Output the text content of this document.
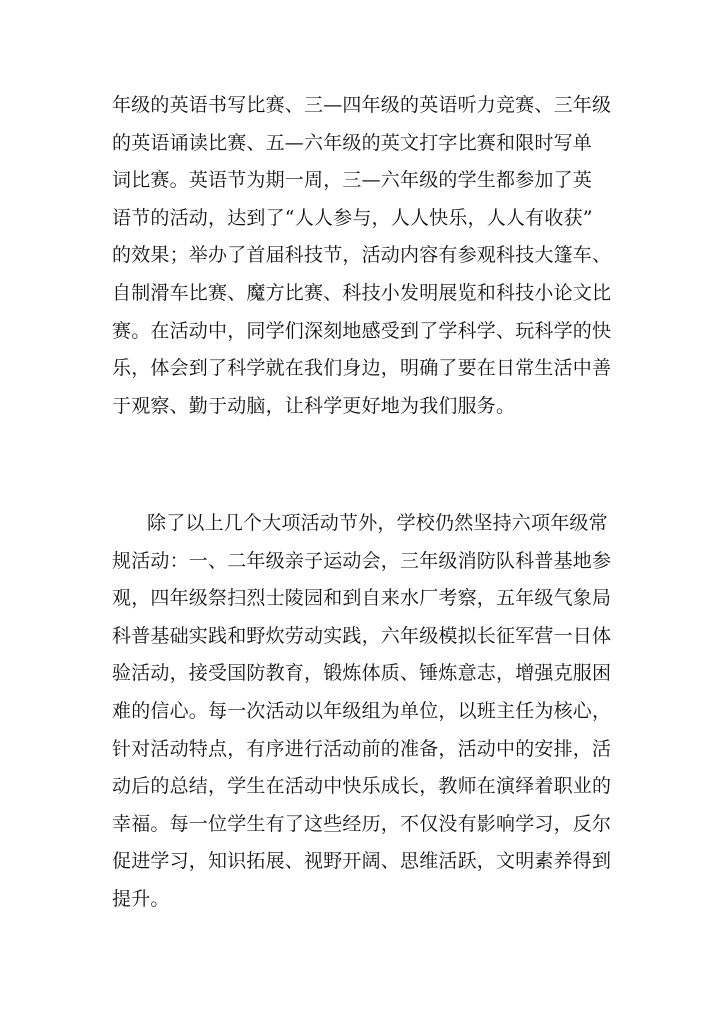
年级的英语书写比赛、三—四年级的英语听力竞赛、三年级
的英语诵读比赛、五—六年级的英文打字比赛和限时写单
词比赛。英语节为期一周，三—六年级的学生都参加了英
语节的活动，达到了“人人参与，人人快乐，人人有收获”
的效果；举办了首届科技节，活动内容有参观科技大篷车、
自制滑车比赛、魔方比赛、科技小发明展览和科技小论文比
赛。在活动中，同学们深刻地感受到了学科学、玩科学的快
乐，体会到了科学就在我们身边，明确了要在日常生活中善
于观察、勤于动脑，让科学更好地为我们服务。
除了以上几个大项活动节外，学校仍然坚持六项年级常
规活动：一、二年级亲子运动会，三年级消防队科普基地参
观，四年级祭扫烈士陵园和到自来水厂考察，五年级气象局
科普基础实践和野炊劳动实践，六年级模拟长征军营一日体
验活动，接受国防教育，锻炼体质、锤炼意志，增强克服困
难的信心。每一次活动以年级组为单位，以班主任为核心，
针对活动特点，有序进行活动前的准备，活动中的安排，活
动后的总结，学生在活动中快乐成长，教师在演绎着职业的
幸福。每一位学生有了这些经历，不仅没有影响学习，反尔
促进学习，知识拓展、视野开阔、思维活跃，文明素养得到
提升。
